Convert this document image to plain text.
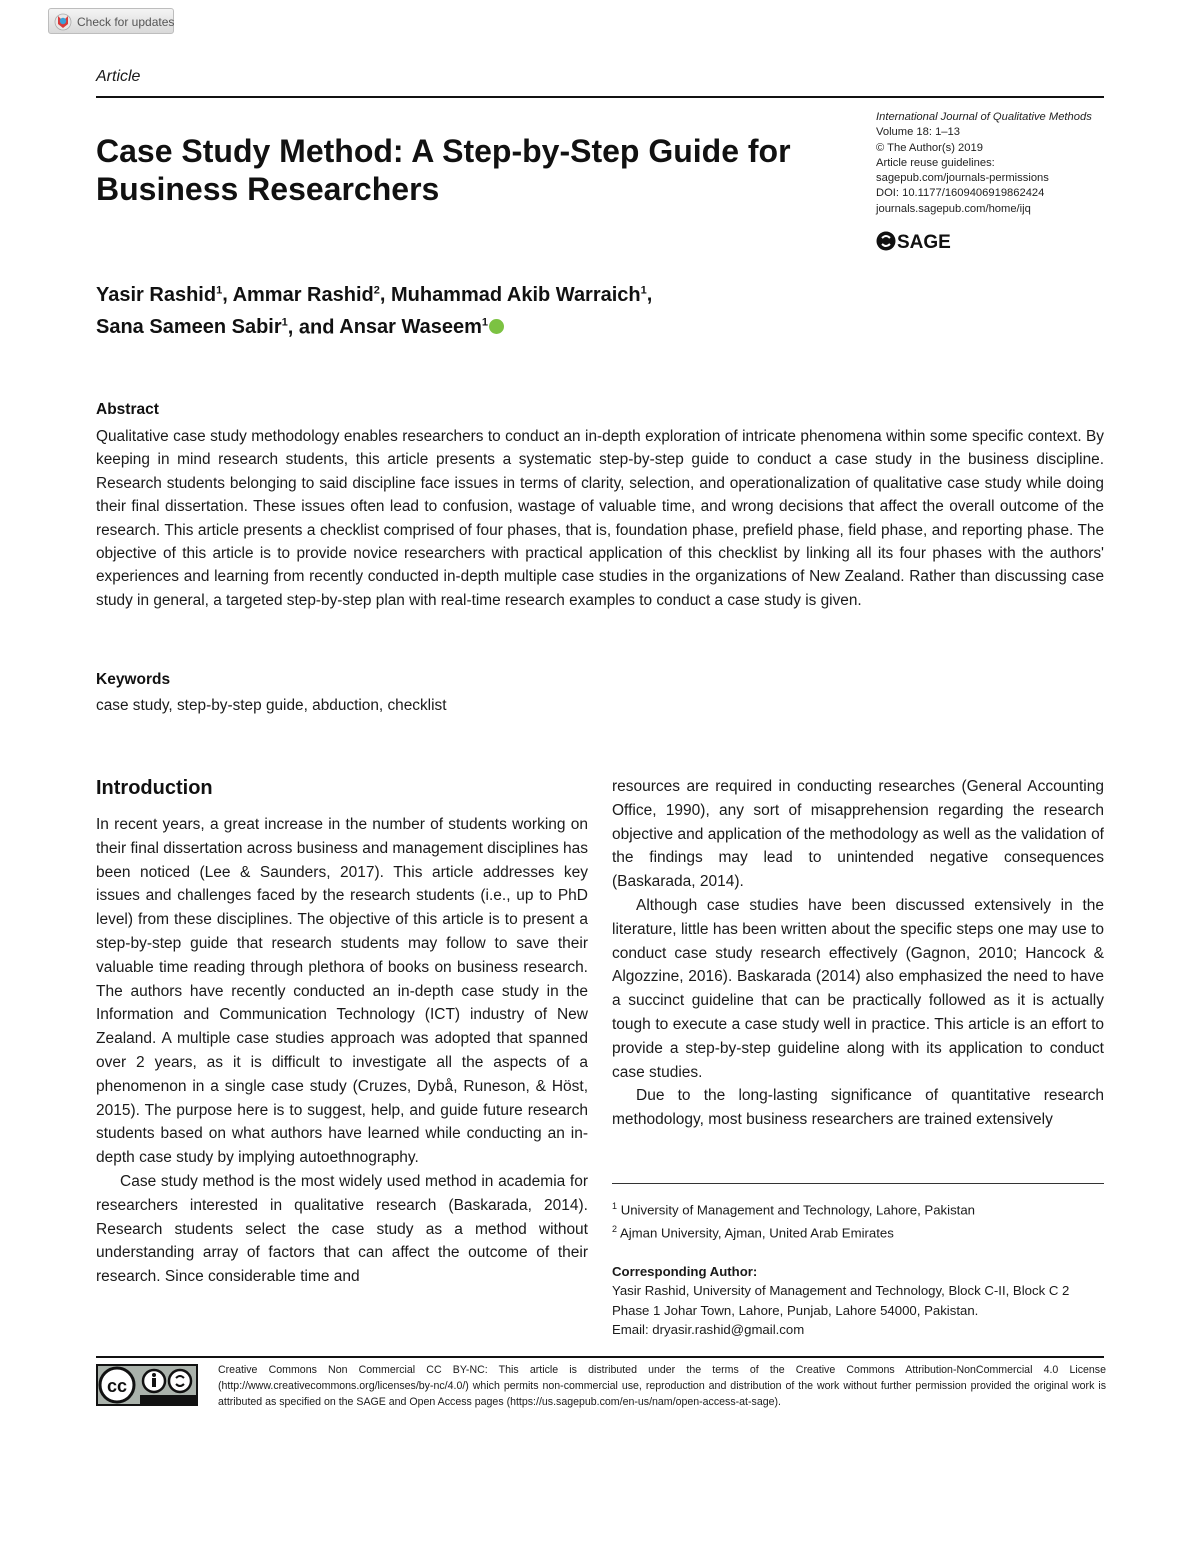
Check for updates
Article
Case Study Method: A Step-by-Step Guide for Business Researchers
International Journal of Qualitative Methods
Volume 18: 1–13
© The Author(s) 2019
Article reuse guidelines:
sagepub.com/journals-permissions
DOI: 10.1177/1609406919862424
journals.sagepub.com/home/ijq
SAGE
Yasir Rashid$^1$, Ammar Rashid$^2$, Muhammad Akib Warraich$^1$,
Sana Sameen Sabir$^1$, and Ansar Waseem$^1$
Abstract

Qualitative case study methodology enables researchers to conduct an in-depth exploration of intricate phenomena within some specific context. By keeping in mind research students, this article presents a systematic step-by-step guide to conduct a case study in the business discipline. Research students belonging to said discipline face issues in terms of clarity, selection, and operationalization of qualitative case study while doing their final dissertation. These issues often lead to confusion, wastage of valuable time, and wrong decisions that affect the overall outcome of the research. This article presents a checklist comprised of four phases, that is, foundation phase, prefield phase, field phase, and reporting phase. The objective of this article is to provide novice researchers with practical application of this checklist by linking all its four phases with the authors' experiences and learning from recently conducted in-depth multiple case studies in the organizations of New Zealand. Rather than discussing case study in general, a targeted step-by-step plan with real-time research examples to conduct a case study is given.

Keywords
case study, step-by-step guide, abduction, checklist
Introduction

In recent years, a great increase in the number of students working on their final dissertation across business and management disciplines has been noticed (Lee & Saunders, 2017). This article addresses key issues and challenges faced by the research students (i.e., up to PhD level) from these disciplines. The objective of this article is to present a step-by-step guide that research students may follow to save their valuable time reading through plethora of books on business research. The authors have recently conducted an in-depth case study in the Information and Communication Technology (ICT) industry of New Zealand. A multiple case studies approach was adopted that spanned over 2 years, as it is difficult to investigate all the aspects of a phenomenon in a single case study (Cruzes, Dybå, Runeson, & Höst, 2015). The purpose here is to suggest, help, and guide future research students based on what authors have learned while conducting an in-depth case study by implying autoethnography.

Case study method is the most widely used method in academia for researchers interested in qualitative research (Baskarada, 2014). Research students select the case study as a method without understanding array of factors that can affect the outcome of their research. Since considerable time and

resources are required in conducting researches (General Accounting Office, 1990), any sort of misapprehension regarding the research objective and application of the methodology as well as the validation of the findings may lead to unintended negative consequences (Baskarada, 2014).

Although case studies have been discussed extensively in the literature, little has been written about the specific steps one may use to conduct case study research effectively (Gagnon, 2010; Hancock & Algozzine, 2016). Baskarada (2014) also emphasized the need to have a succinct guideline that can be practically followed as it is actually tough to execute a case study well in practice. This article is an effort to provide a step-by-step guideline along with its application to conduct case studies.

Due to the long-lasting significance of quantitative research methodology, most business researchers are trained extensively

$^1$ University of Management and Technology, Lahore, Pakistan

$^2$ Ajman University, Ajman, United Arab Emirates

Corresponding Author:

Yasir Rashid, University of Management and Technology, Block C-II, Block C 2

Phase 1 Johar Town, Lahore, Punjab, Lahore 54000, Pakistan.

Email: dryasir.rashid@gmail.com

cc

Creative Commons Non Commercial CC BY-NC: This article is distributed under the terms of the Creative Commons Attribution-NonCommercial 4.0 License (http://www.creativecommons.org/licenses/by-nc/4.0/) which permits non-commercial use, reproduction and distribution of the work without further permission provided the original work is attributed as specified on the SAGE and Open Access pages (https://us.sagepub.com/en-us/nam/open-access-at-sage).
